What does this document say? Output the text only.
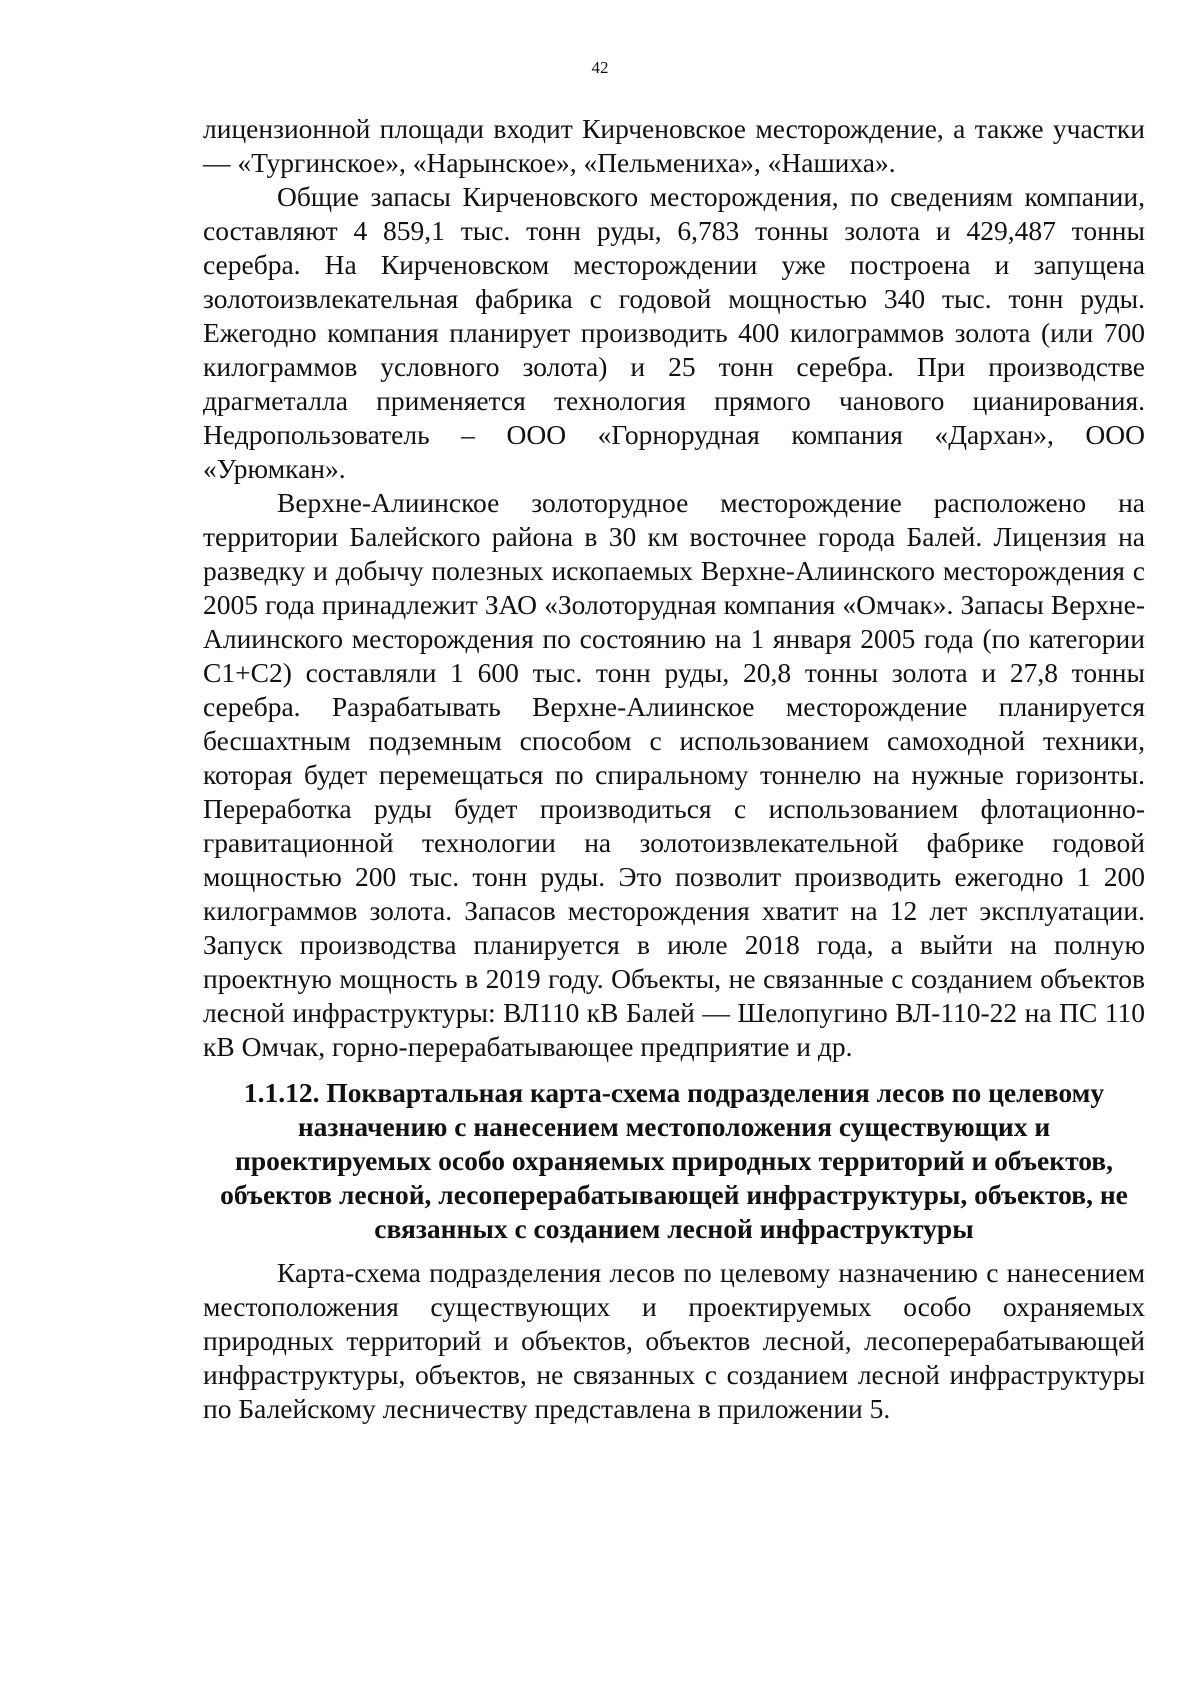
42

лицензионной площади входит Кирченовское месторождение, а также участки — «Тургинское», «Нарынское», «Пельмениха», «Нашиха».

Общие запасы Кирченовского месторождения, по сведениям компании, составляют 4 859,1 тыс. тонн руды, 6,783 тонны золота и 429,487 тонны серебра. На Кирченовском месторождении уже построена и запущена золотоизвлекательная фабрика с годовой мощностью 340 тыс. тонн руды. Ежегодно компания планирует производить 400 килограммов золота (или 700 килограммов условного золота) и 25 тонн серебра. При производстве драгметалла применяется технология прямого чанового цианирования. Недропользователь – ООО «Горнорудная компания «Дархан», ООО «Урюмкан».

Верхне-Алиинское золоторудное месторождение расположено на территории Балейского района в 30 км восточнее города Балей. Лицензия на разведку и добычу полезных ископаемых Верхне-Алиинского месторождения с 2005 года принадлежит ЗАО «Золоторудная компания «Омчак». Запасы Верхне-Алиинского месторождения по состоянию на 1 января 2005 года (по категории С1+С2) составляли 1 600 тыс. тонн руды, 20,8 тонны золота и 27,8 тонны серебра. Разрабатывать Верхне-Алиинское месторождение планируется бесшахтным подземным способом с использованием самоходной техники, которая будет перемещаться по спиральному тоннелю на нужные горизонты. Переработка руды будет производиться с использованием флотационно-гравитационной технологии на золотоизвлекательной фабрике годовой мощностью 200 тыс. тонн руды. Это позволит производить ежегодно 1 200 килограммов золота. Запасов месторождения хватит на 12 лет эксплуатации. Запуск производства планируется в июле 2018 года, а выйти на полную проектную мощность в 2019 году. Объекты, не связанные с созданием объектов лесной инфраструктуры: ВЛ110 кВ Балей — Шелопугино ВЛ-110-22 на ПС 110 кВ Омчак, горно-перерабатывающее предприятие и др.

1.1.12. Поквартальная карта-схема подразделения лесов по целевому назначению с нанесением местоположения существующих и проектируемых особо охраняемых природных территорий и объектов, объектов лесной, лесоперерабатывающей инфраструктуры, объектов, не связанных с созданием лесной инфраструктуры

Карта-схема подразделения лесов по целевому назначению с нанесением местоположения существующих и проектируемых особо охраняемых природных территорий и объектов, объектов лесной, лесоперерабатывающей инфраструктуры, объектов, не связанных с созданием лесной инфраструктуры по Балейскому лесничеству представлена в приложении 5.
